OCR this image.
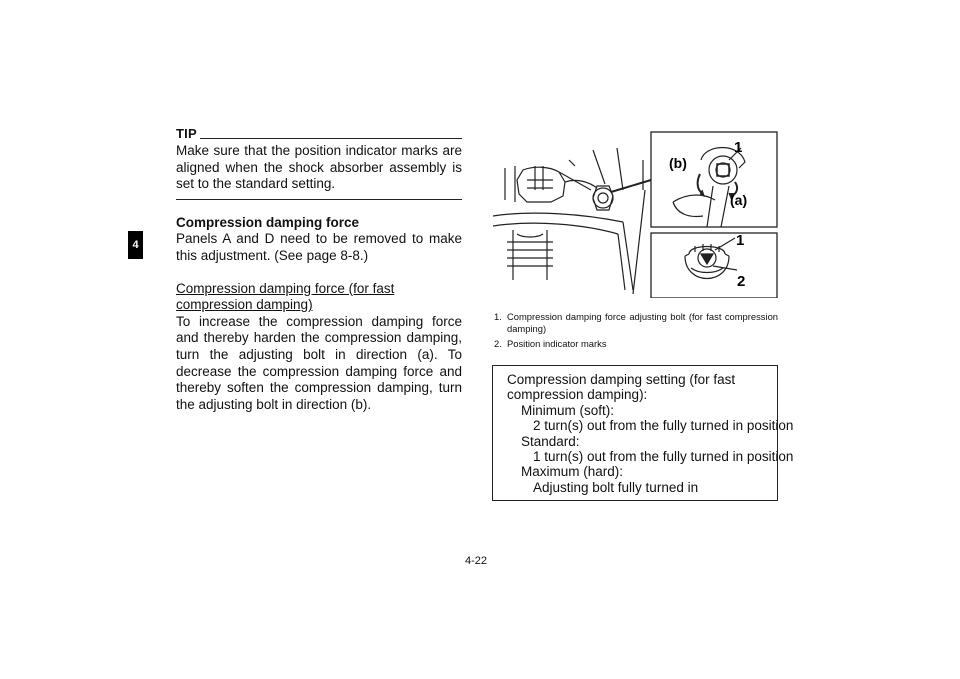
4
TIP
Make sure that the position indicator marks are aligned when the shock absorber assembly is set to the standard setting.
Compression damping force
Panels A and D need to be removed to make this adjustment. (See page 8-8.)
Compression damping force (for fast compression damping)
To increase the compression damping force and thereby harden the compression damping, turn the adjusting bolt in direction (a). To decrease the compression damping force and thereby soften the compression damping, turn the adjusting bolt in direction (b).
1
(b)
(a)
1
2
1. Compression damping force adjusting bolt (for fast compression damping)
2. Position indicator marks
Compression damping setting (for fast compression damping):
Minimum (soft):
2 turn(s) out from the fully turned in position
Standard:
1 turn(s) out from the fully turned in position
Maximum (hard):
Adjusting bolt fully turned in
4-22
